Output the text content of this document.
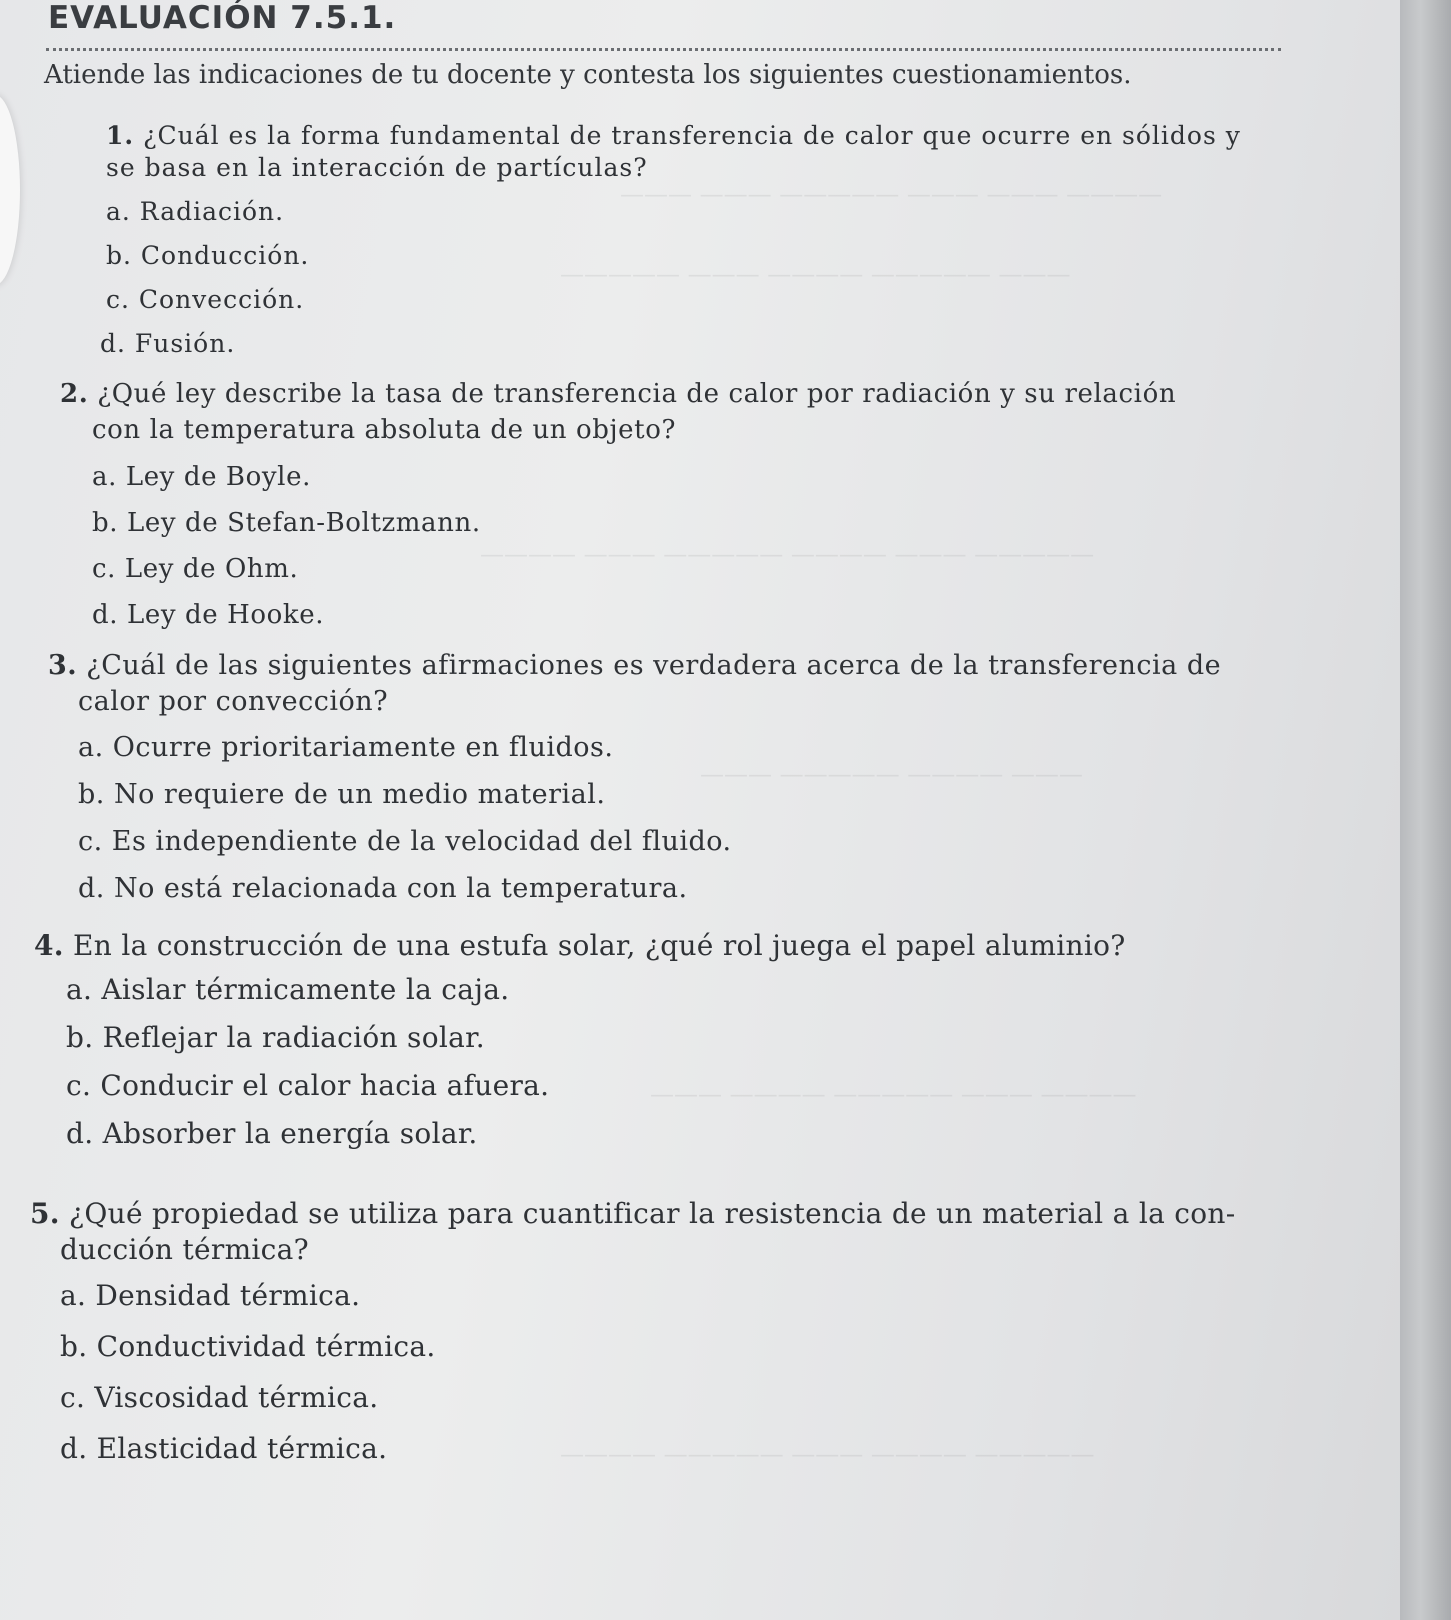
———— ——— ——— ————— ——— ———
——— ————— ———— ——— —————
————— ——— ———— ————— ——— ————
——— ———— ————— ———
———— ——— ————— ———— ———
————— ———— ——— ————— ————
EVALUACIÓN 7.5.1.
Atiende las indicaciones de tu docente y contesta los siguientes cuestionamientos.
1. ¿Cuál es la forma fundamental de transferencia de calor que ocurre en sólidos y
se basa en la interacción de partículas?
a. Radiación.
b. Conducción.
c. Convección.
d. Fusión.
2. ¿Qué ley describe la tasa de transferencia de calor por radiación y su relación
con la temperatura absoluta de un objeto?
a. Ley de Boyle.
b. Ley de Stefan-Boltzmann.
c. Ley de Ohm.
d. Ley de Hooke.
3. ¿Cuál de las siguientes afirmaciones es verdadera acerca de la transferencia de
calor por convección?
a. Ocurre prioritariamente en fluidos.
b. No requiere de un medio material.
c. Es independiente de la velocidad del fluido.
d. No está relacionada con la temperatura.
4. En la construcción de una estufa solar, ¿qué rol juega el papel aluminio?
a. Aislar térmicamente la caja.
b. Reflejar la radiación solar.
c. Conducir el calor hacia afuera.
d. Absorber la energía solar.
5. ¿Qué propiedad se utiliza para cuantificar la resistencia de un material a la con-
ducción térmica?
a. Densidad térmica.
b. Conductividad térmica.
c. Viscosidad térmica.
d. Elasticidad térmica.
